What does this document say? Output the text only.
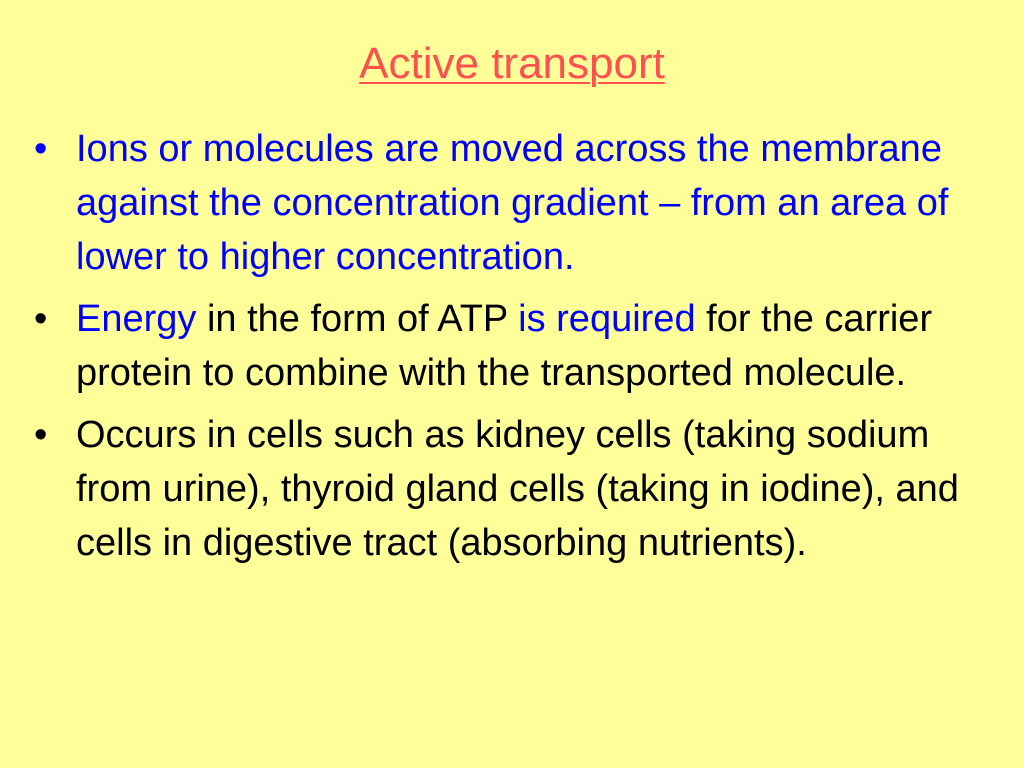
Active transport
• Ions or molecules are moved across the membrane against the concentration gradient – from an area of lower to higher concentration.
• Energy in the form of ATP is required for the carrier protein to combine with the transported molecule.
• Occurs in cells such as kidney cells (taking sodium from urine), thyroid gland cells (taking in iodine), and cells in digestive tract (absorbing nutrients).
